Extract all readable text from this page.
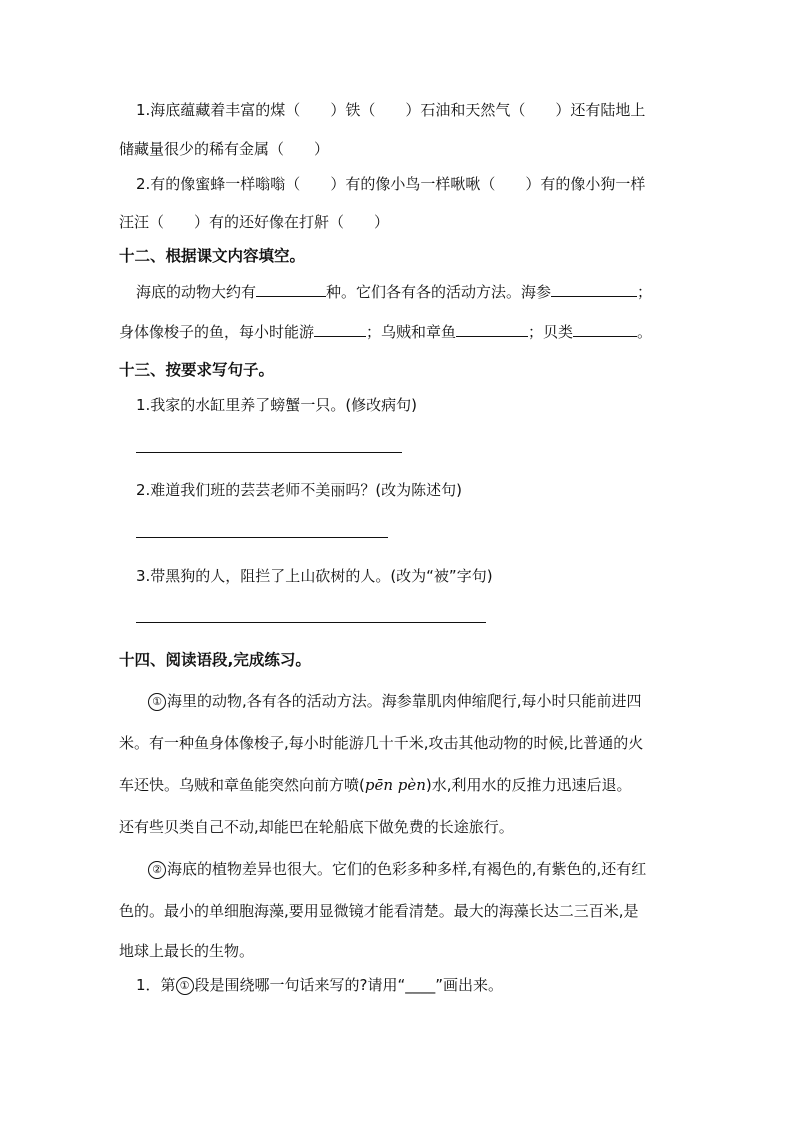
1.海底蕴藏着丰富的煤（　　）铁（　　）石油和天然气（　　）还有陆地上
储藏量很少的稀有金属（　　）
2.有的像蜜蜂一样嗡嗡（　　）有的像小鸟一样啾啾（　　）有的像小狗一样
汪汪（　　）有的还好像在打鼾（　　）
十二、根据课文内容填空。
海底的动物大约有	种。它们各有各的活动方法。海参	；
身体像梭子的鱼，每小时能游	；乌贼和章鱼	；贝类	。
十三、按要求写句子。
1.我家的水缸里养了螃蟹一只。(修改病句)
2.难道我们班的芸芸老师不美丽吗？(改为陈述句)
3.带黑狗的人，阻拦了上山砍树的人。(改为“被”字句)
十四、阅读语段,完成练习。
① 海里的动物,各有各的活动方法。海参靠肌肉伸缩爬行,每小时只能前进四
米。有一种鱼身体像梭子,每小时能游几十千米,攻击其他动物的时候,比普通的火
车还快。乌贼和章鱼能突然向前方喷(pēn pèn)水,利用水的反推力迅速后退。
还有些贝类自己不动,却能巴在轮船底下做免费的长途旅行。
② 海底的植物差异也很大。它们的色彩多种多样,有褐色的,有紫色的,还有红
色的。最小的单细胞海藻,要用显微镜才能看清楚。最大的海藻长达二三百米,是
地球上最长的生物。
1．第 ① 段是围绕哪一句话来写的?请用“____”画出来。
